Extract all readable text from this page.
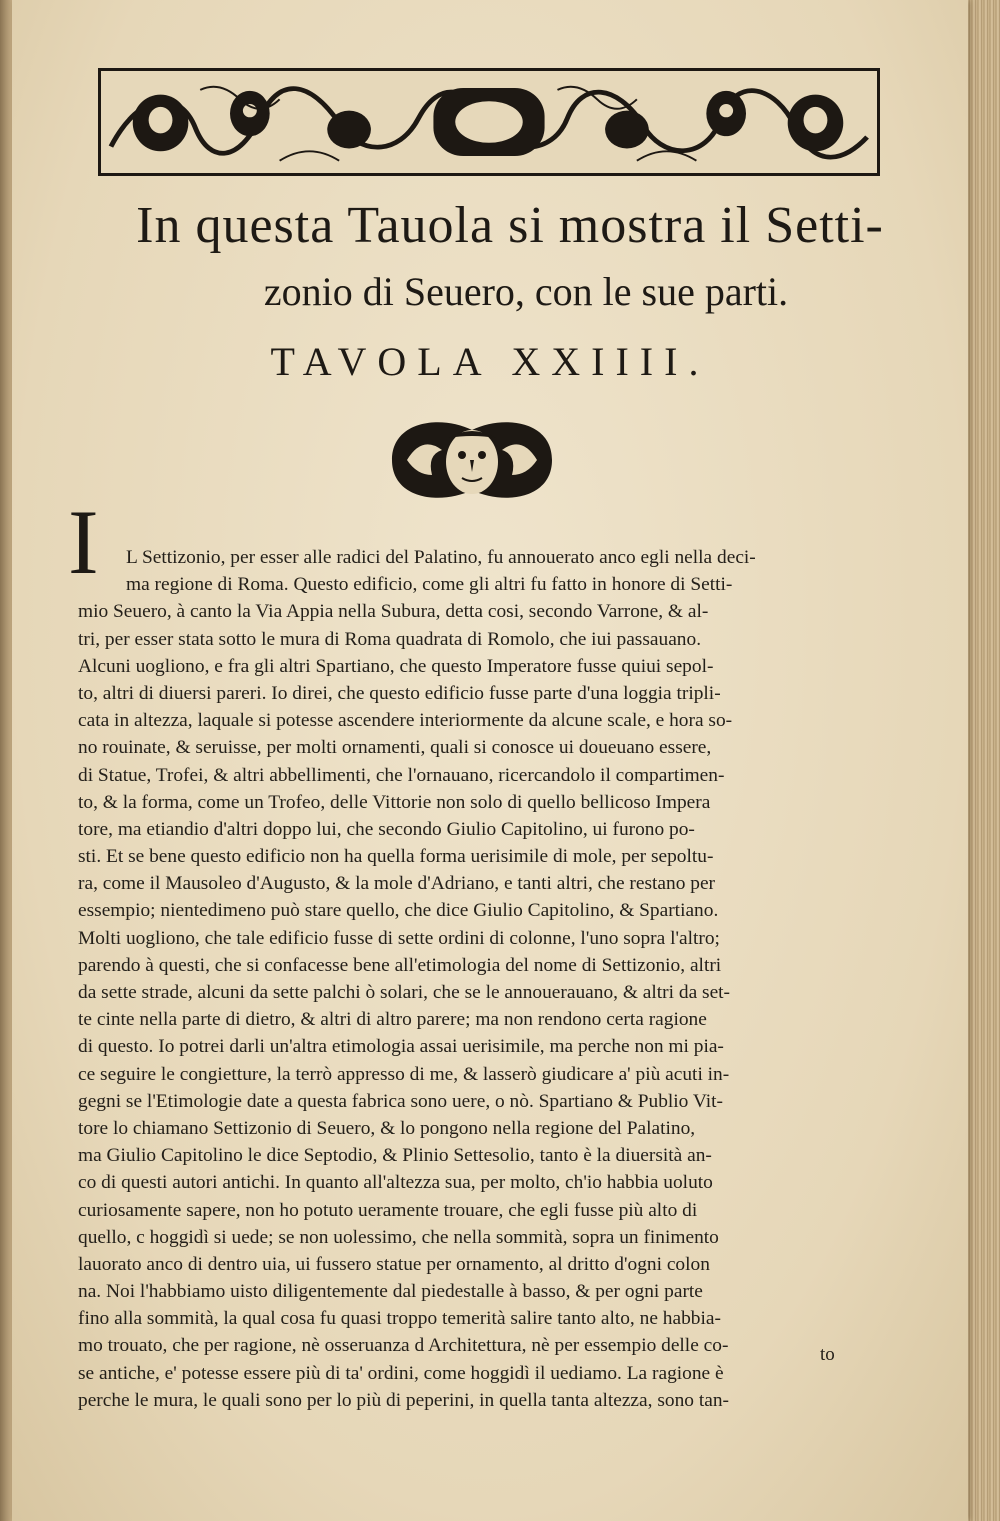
In questa Tauola si mostra il Setti-
zonio di Seuero, con le sue parti.
TAVOLA XXIIII.
I	L Settizonio, per esser alle radici del Palatino, fu annouerato anco egli nella deci-
ma regione di Roma. Questo edificio, come gli altri fu fatto in honore di Setti-
mio Seuero, à canto la Via Appia nella Subura, detta cosi, secondo Varrone, & al-
tri, per esser stata sotto le mura di Roma quadrata di Romolo, che iui passauano.
Alcuni uogliono, e fra gli altri Spartiano, che questo Imperatore fusse quiui sepol-
to, altri di diuersi pareri. Io direi, che questo edificio fusse parte d'una loggia tripli-
cata in altezza, laquale si potesse ascendere interiormente da alcune scale, e hora so-
no rouinate, & seruisse, per molti ornamenti, quali si conosce ui doueuano essere,
di Statue, Trofei, & altri abbellimenti, che l'ornauano, ricercandolo il compartimen-
to, & la forma, come un Trofeo, delle Vittorie non solo di quello bellicoso Impera
tore, ma etiandio d'altri doppo lui, che secondo Giulio Capitolino, ui furono po-
sti. Et se bene questo edificio non ha quella forma uerisimile di mole, per sepoltu-
ra, come il Mausoleo d'Augusto, & la mole d'Adriano, e tanti altri, che restano per
essempio; nientedimeno può stare quello, che dice Giulio Capitolino, & Spartiano.
Molti uogliono, che tale edificio fusse di sette ordini di colonne, l'uno sopra l'altro;
parendo à questi, che si confacesse bene all'etimologia del nome di Settizonio, altri
da sette strade, alcuni da sette palchi ò solari, che se le annouerauano, & altri da set-
te cinte nella parte di dietro, & altri di altro parere; ma non rendono certa ragione
di questo. Io potrei darli un'altra etimologia assai uerisimile, ma perche non mi pia-
ce seguire le congietture, la terrò appresso di me, & lasserò giudicare a' più acuti in-
gegni se l'Etimologie date a questa fabrica sono uere, o nò. Spartiano & Publio Vit-
tore lo chiamano Settizonio di Seuero, & lo pongono nella regione del Palatino,
ma Giulio Capitolino le dice Septodio, & Plinio Settesolio, tanto è la diuersità an-
co di questi autori antichi. In quanto all'altezza sua, per molto, ch'io habbia uoluto
curiosamente sapere, non ho potuto ueramente trouare, che egli fusse più alto di
quello, c hoggidì si uede; se non uolessimo, che nella sommità, sopra un finimento
lauorato anco di dentro uia, ui fussero statue per ornamento, al dritto d'ogni colon
na. Noi l'habbiamo uisto diligentemente dal piedestalle à basso, & per ogni parte
fino alla sommità, la qual cosa fu quasi troppo temerità salire tanto alto, ne habbia-
mo trouato, che per ragione, nè osseruanza d Architettura, nè per essempio delle co-
se antiche, e' potesse essere più di ta' ordini, come hoggidì il uediamo. La ragione è
perche le mura, le quali sono per lo più di peperini, in quella tanta altezza, sono tan-
to
